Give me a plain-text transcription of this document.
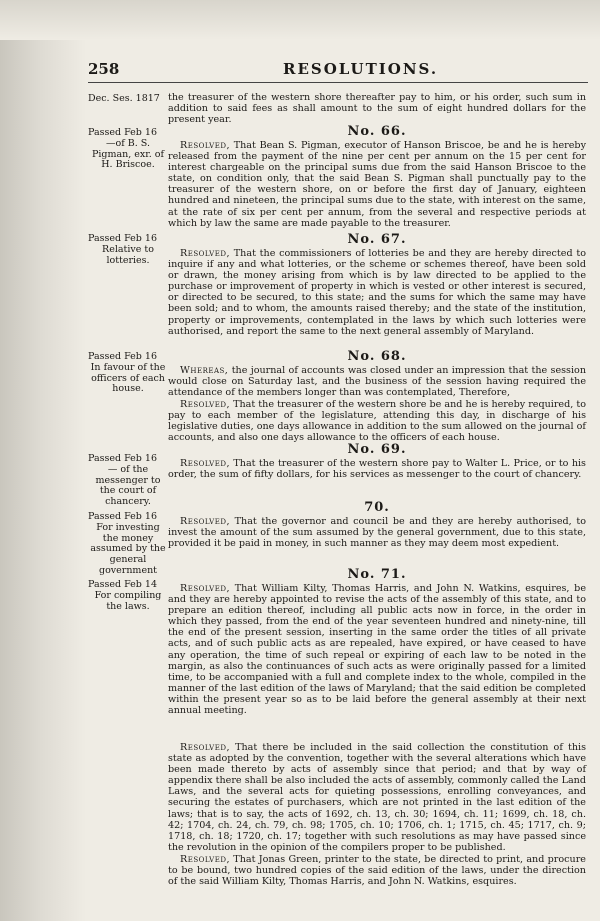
258	RESOLUTIONS.
Dec. Ses. 1817
Passed Feb 16
—of B. S. Pigman, exr. of H. Briscoe.
Passed Feb 16
Relative to lotteries.
Passed Feb 16
In favour of the officers of each house.
Passed Feb 16
— of the messenger to the court of chancery.
Passed Feb 16
For investing the money assumed by the general government
Passed Feb 14
For compiling the laws.

the treasurer of the western shore thereafter pay to him, or his order, such sum in addition to said fees as shall amount to the sum of eight hundred dollars for the present year.

No. 66.

Resolved, That Bean S. Pigman, executor of Hanson Briscoe, be and he is hereby released from the payment of the nine per cent per annum on the 15 per cent for interest chargeable on the principal sums due from the said Hanson Briscoe to the state, on condition only, that the said Bean S. Pigman shall punctually pay to the treasurer of the western shore, on or before the first day of January, eighteen hundred and nineteen, the principal sums due to the state, with interest on the same, at the rate of six per cent per annum, from the several and respective periods at which by law the same are made payable to the treasurer.

No. 67.

Resolved, That the commissioners of lotteries be and they are hereby directed to inquire if any and what lotteries, or the scheme or schemes thereof, have been sold or drawn, the money arising from which is by law directed to be applied to the purchase or improvement of property in which is vested or other interest is secured, or directed to be secured, to this state; and the sums for which the same may have been sold; and to whom, the amounts raised thereby; and the state of the institution, property or improvements, contemplated in the laws by which such lotteries were authorised, and report the same to the next general assembly of Maryland.

No. 68.

Whereas, the journal of accounts was closed under an impression that the session would close on Saturday last, and the business of the session having required the attendance of the members longer than was contemplated, Therefore,

Resolved, That the treasurer of the western shore be and he is hereby required, to pay to each member of the legislature, attending this day, in discharge of his legislative duties, one days allowance in addition to the sum allowed on the journal of accounts, and also one days allowance to the officers of each house.

No. 69.

Resolved, That the treasurer of the western shore pay to Walter L. Price, or to his order, the sum of fifty dollars, for his services as messenger to the court of chancery.

70.

Resolved, That the governor and council be and they are hereby authorised, to invest the amount of the sum assumed by the general government, due to this state, provided it be paid in money, in such manner as they may deem most expedient.

No. 71.

Resolved, That William Kilty, Thomas Harris, and John N. Watkins, esquires, be and they are hereby appointed to revise the acts of the assembly of this state, and to prepare an edition thereof, including all public acts now in force, in the order in which they passed, from the end of the year seventeen hundred and ninety-nine, till the end of the present session, inserting in the same order the titles of all private acts, and of such public acts as are repealed, have expired, or have ceased to have any operation, the time of such repeal or expiring of each law to be noted in the margin, as also the continuances of such acts as were originally passed for a limited time, to be accompanied with a full and complete index to the whole, compiled in the manner of the last edition of the laws of Maryland; that the said edition be completed within the present year so as to be laid before the general assembly at their next annual meeting.

Resolved, That there be included in the said collection the constitution of this state as adopted by the convention, together with the several alterations which have been made thereto by acts of assembly since that period; and that by way of appendix there shall be also included the acts of assembly, commonly called the Land Laws, and the several acts for quieting possessions, enrolling conveyances, and securing the estates of purchasers, which are not printed in the last edition of the laws; that is to say, the acts of 1692, ch. 13, ch. 30; 1694, ch. 11; 1699, ch. 18, ch. 42; 1704, ch. 24, ch. 79, ch. 98; 1705, ch. 10; 1706, ch. 1; 1715, ch. 45; 1717, ch. 9; 1718, ch. 18; 1720, ch. 17; together with such resolutions as may have passed since the revolution in the opinion of the compilers proper to be published.

Resolved, That Jonas Green, printer to the state, be directed to print, and procure to be bound, two hundred copies of the said edition of the laws, under the direction of the said William Kilty, Thomas Harris, and John N. Watkins, esquires.
